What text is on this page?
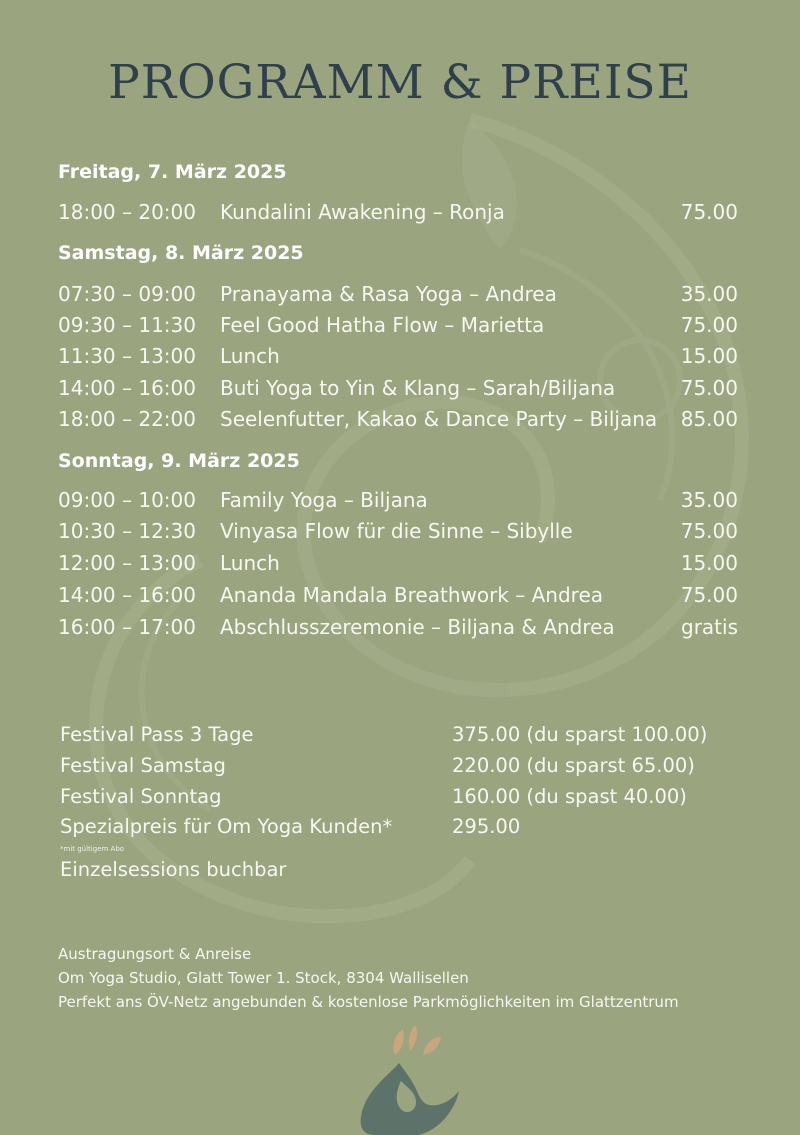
PROGRAMM & PREISE
Freitag, 7. März 2025
18:00 – 20:00 Kundalini Awakening – Ronja	75.00
Samstag, 8. März 2025
07:30 – 09:00 Pranayama & Rasa Yoga – Andrea	35.00
09:30 – 11:30 Feel Good Hatha Flow – Marietta	75.00
11:30 – 13:00 Lunch	15.00
14:00 – 16:00 Buti Yoga to Yin & Klang – Sarah/Biljana	75.00
18:00 – 22:00 Seelenfutter, Kakao & Dance Party – Biljana 85.00
Sonntag, 9. März 2025
09:00 – 10:00 Family Yoga – Biljana	35.00
10:30 – 12:30 Vinyasa Flow für die Sinne – Sibylle	75.00
12:00 – 13:00 Lunch	15.00
14:00 – 16:00 Ananda Mandala Breathwork – Andrea	75.00
16:00 – 17:00 Abschlusszeremonie – Biljana & Andrea	gratis
Festival Pass 3 Tage	375.00 (du sparst 100.00)
Festival Samstag	220.00 (du sparst 65.00)
Festival Sonntag	160.00 (du spast 40.00)
Spezialpreis für Om Yoga Kunden*	295.00
*mit gültigem Abo
Einzelsessions buchbar
Austragungsort & Anreise
Om Yoga Studio, Glatt Tower 1. Stock, 8304 Wallisellen
Perfekt ans ÖV-Netz angebunden & kostenlose Parkmöglichkeiten im Glattzentrum
